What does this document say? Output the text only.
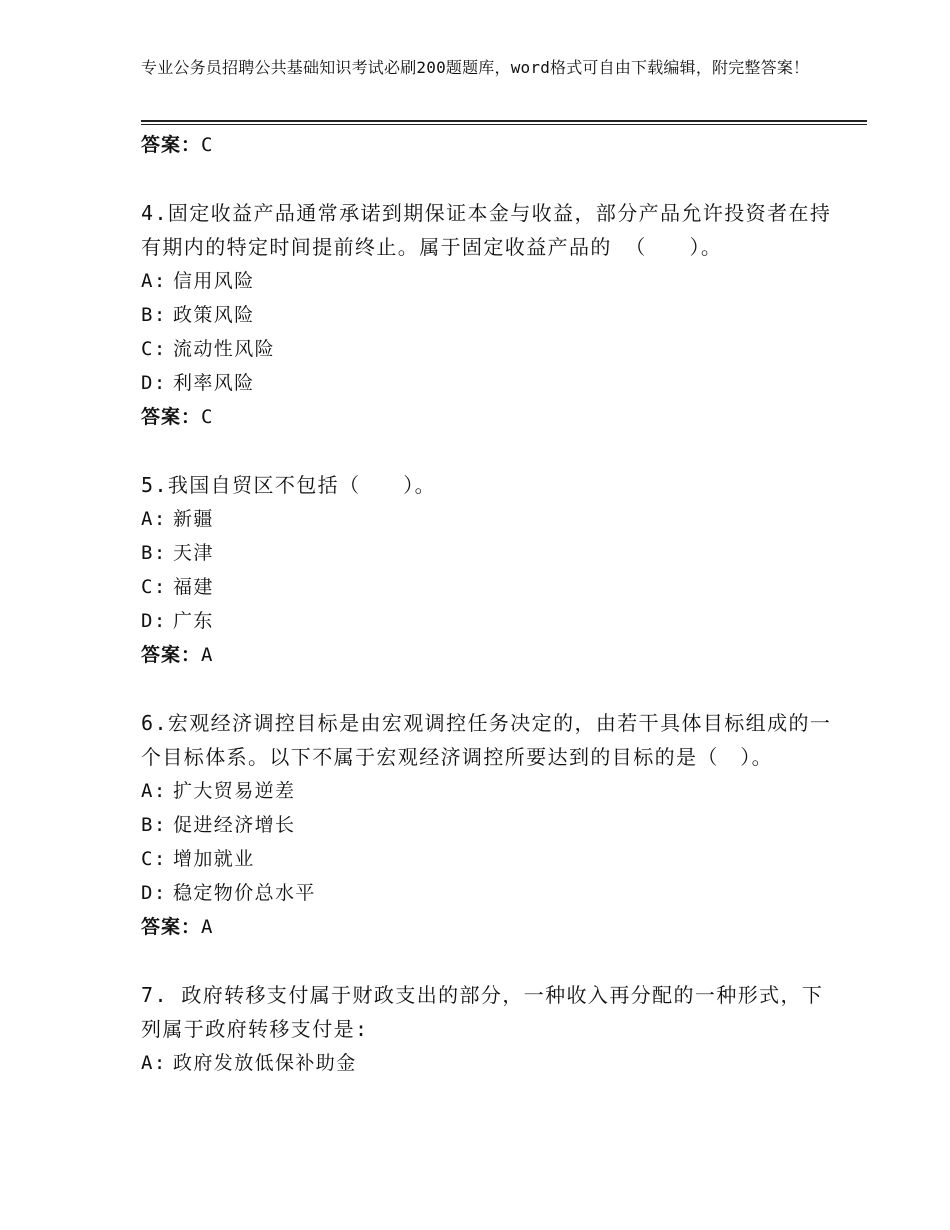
专业公务员招聘公共基础知识考试必刷200题题库，word格式可自由下载编辑，附完整答案！
答案：C
4.固定收益产品通常承诺到期保证本金与收益，部分产品允许投资者在持有期内的特定时间提前终止。属于固定收益产品的 （　　）。
A: 信用风险
B: 政策风险
C: 流动性风险
D: 利率风险
答案：C
5.我国自贸区不包括（　　）。
A: 新疆
B: 天津
C: 福建
D: 广东
答案：A
6.宏观经济调控目标是由宏观调控任务决定的，由若干具体目标组成的一个目标体系。以下不属于宏观经济调控所要达到的目标的是（　）。
A: 扩大贸易逆差
B: 促进经济增长
C: 增加就业
D: 稳定物价总水平
答案：A
7. 政府转移支付属于财政支出的部分，一种收入再分配的一种形式，下列属于政府转移支付是:
A: 政府发放低保补助金
